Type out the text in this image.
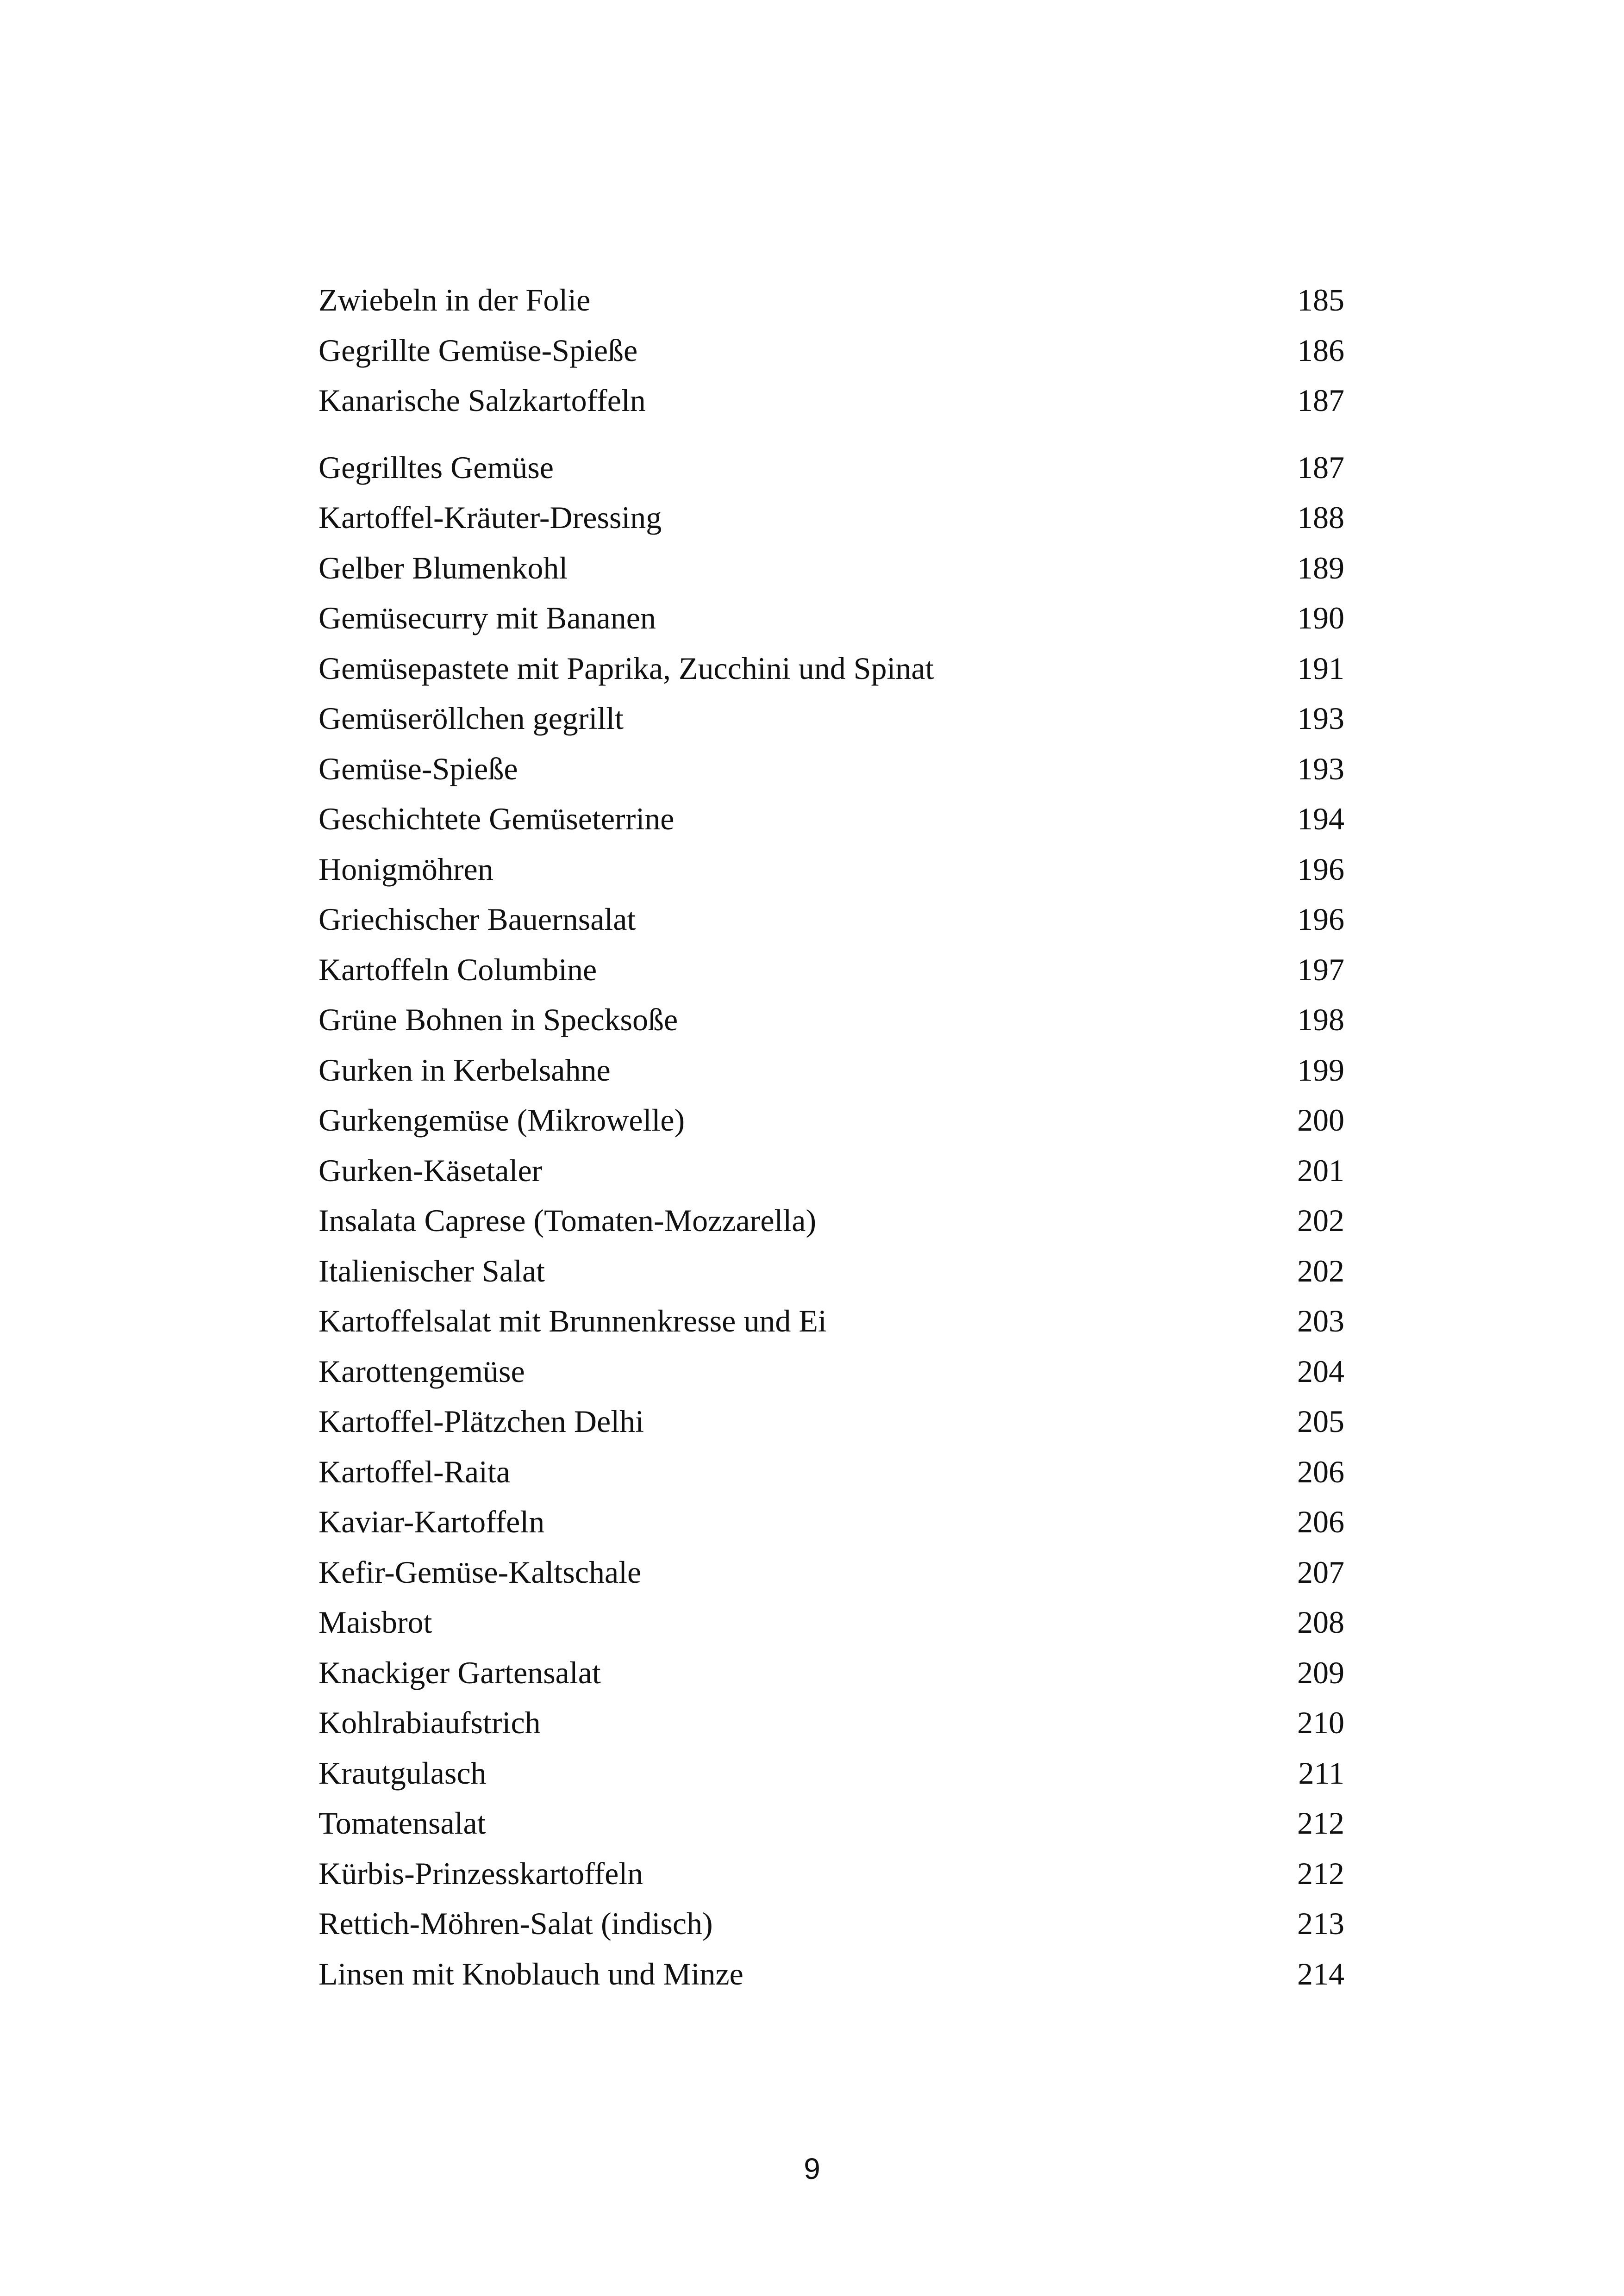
Zwiebeln in der Folie	185
Gegrillte Gemüse-Spieße	186
Kanarische Salzkartoffeln	187
Gegrilltes Gemüse	187
Kartoffel-Kräuter-Dressing	188
Gelber Blumenkohl	189
Gemüsecurry mit Bananen	190
Gemüsepastete mit Paprika, Zucchini und Spinat	191
Gemüseröllchen gegrillt	193
Gemüse-Spieße	193
Geschichtete Gemüseterrine	194
Honigmöhren	196
Griechischer Bauernsalat	196
Kartoffeln Columbine	197
Grüne Bohnen in Specksoße	198
Gurken in Kerbelsahne	199
Gurkengemüse (Mikrowelle)	200
Gurken-Käsetaler	201
Insalata Caprese (Tomaten-Mozzarella)	202
Italienischer Salat	202
Kartoffelsalat mit Brunnenkresse und Ei	203
Karottengemüse	204
Kartoffel-Plätzchen Delhi	205
Kartoffel-Raita	206
Kaviar-Kartoffeln	206
Kefir-Gemüse-Kaltschale	207
Maisbrot	208
Knackiger Gartensalat	209
Kohlrabiaufstrich	210
Krautgulasch	211
Tomatensalat	212
Kürbis-Prinzesskartoffeln	212
Rettich-Möhren-Salat (indisch)	213
Linsen mit Knoblauch und Minze	214
9
